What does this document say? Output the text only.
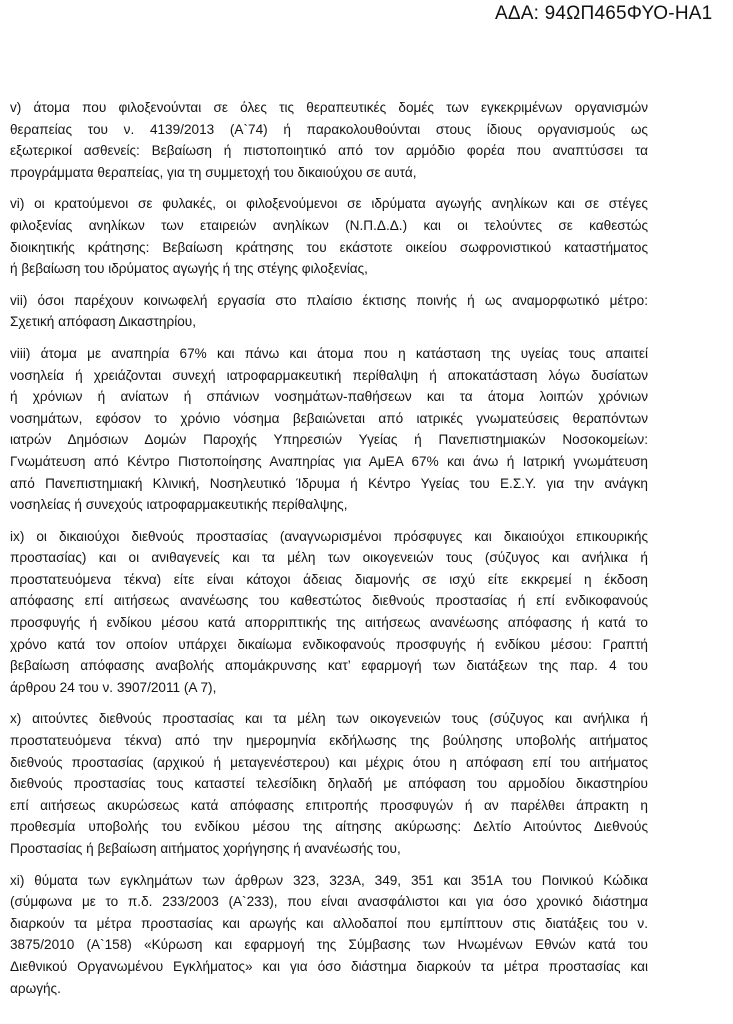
ΑΔΑ: 94ΩΠ465ΦΥΟ-ΗΑ1
v) άτομα που φιλοξενούνται σε όλες τις θεραπευτικές δομές των εγκεκριμένων οργανισμών
θεραπείας του ν. 4139/2013 (Α`74) ή παρακολουθούνται στους ίδιους οργανισμούς ως
εξωτερικοί ασθενείς: Βεβαίωση ή πιστοποιητικό από τον αρμόδιο φορέα που αναπτύσσει τα
προγράμματα θεραπείας, για τη συμμετοχή του δικαιούχου σε αυτά,
vi) οι κρατούμενοι σε φυλακές, οι φιλοξενούμενοι σε ιδρύματα αγωγής ανηλίκων και σε στέγες
φιλοξενίας ανηλίκων των εταιρειών ανηλίκων (Ν.Π.Δ.Δ.) και οι τελούντες σε καθεστώς
διοικητικής κράτησης: Βεβαίωση κράτησης του εκάστοτε οικείου σωφρονιστικού καταστήματος
ή βεβαίωση του ιδρύματος αγωγής ή της στέγης φιλοξενίας,
vii) όσοι παρέχουν κοινωφελή εργασία στο πλαίσιο έκτισης ποινής ή ως αναμορφωτικό μέτρο:
Σχετική απόφαση Δικαστηρίου,
viii) άτομα με αναπηρία 67% και πάνω και άτομα που η κατάσταση της υγείας τους απαιτεί
νοσηλεία ή χρειάζονται συνεχή ιατροφαρμακευτική περίθαλψη ή αποκατάσταση λόγω δυσίατων
ή χρόνιων ή ανίατων ή σπάνιων νοσημάτων-παθήσεων και τα άτομα λοιπών χρόνιων
νοσημάτων, εφόσον το χρόνιο νόσημα βεβαιώνεται από ιατρικές γνωματεύσεις θεραπόντων
ιατρών Δημόσιων Δομών Παροχής Υπηρεσιών Υγείας ή Πανεπιστημιακών Νοσοκομείων:
Γνωμάτευση από Κέντρο Πιστοποίησης Αναπηρίας για ΑμΕΑ 67% και άνω ή Ιατρική γνωμάτευση
από Πανεπιστημιακή Κλινική, Νοσηλευτικό Ίδρυμα ή Κέντρο Υγείας του Ε.Σ.Υ. για την ανάγκη
νοσηλείας ή συνεχούς ιατροφαρμακευτικής περίθαλψης,
ix) οι δικαιούχοι διεθνούς προστασίας (αναγνωρισμένοι πρόσφυγες και δικαιούχοι επικουρικής
προστασίας) και οι ανιθαγενείς και τα μέλη των οικογενειών τους (σύζυγος και ανήλικα ή
προστατευόμενα τέκνα) είτε είναι κάτοχοι άδειας διαμονής σε ισχύ είτε εκκρεμεί η έκδοση
απόφασης επί αιτήσεως ανανέωσης του καθεστώτος διεθνούς προστασίας ή επί ενδικοφανούς
προσφυγής ή ενδίκου μέσου κατά απορριπτικής της αιτήσεως ανανέωσης απόφασης ή κατά το
χρόνο κατά τον οποίον υπάρχει δικαίωμα ενδικοφανούς προσφυγής ή ενδίκου μέσου: Γραπτή
βεβαίωση απόφασης αναβολής απομάκρυνσης κατ’ εφαρμογή των διατάξεων της παρ. 4 του
άρθρου 24 του ν. 3907/2011 (Α 7),
x) αιτούντες διεθνούς προστασίας και τα μέλη των οικογενειών τους (σύζυγος και ανήλικα ή
προστατευόμενα τέκνα) από την ημερομηνία εκδήλωσης της βούλησης υποβολής αιτήματος
διεθνούς προστασίας (αρχικού ή μεταγενέστερου) και μέχρις ότου η απόφαση επί του αιτήματος
διεθνούς προστασίας τους καταστεί τελεσίδικη δηλαδή με απόφαση του αρμοδίου δικαστηρίου
επί αιτήσεως ακυρώσεως κατά απόφασης επιτροπής προσφυγών ή αν παρέλθει άπρακτη η
προθεσμία υποβολής του ενδίκου μέσου της αίτησης ακύρωσης: Δελτίο Αιτούντος Διεθνούς
Προστασίας ή βεβαίωση αιτήματος χορήγησης ή ανανέωσής του,
xi) θύματα των εγκλημάτων των άρθρων 323, 323Α, 349, 351 και 351Α του Ποινικού Κώδικα
(σύμφωνα με το π.δ. 233/2003 (Α`233), που είναι ανασφάλιστοι και για όσο χρονικό διάστημα
διαρκούν τα μέτρα προστασίας και αρωγής και αλλοδαποί που εμπίπτουν στις διατάξεις του ν.
3875/2010 (Α`158) «Κύρωση και εφαρμογή της Σύμβασης των Ηνωμένων Εθνών κατά του
Διεθνικού Οργανωμένου Εγκλήματος» και για όσο διάστημα διαρκούν τα μέτρα προστασίας και
αρωγής.
